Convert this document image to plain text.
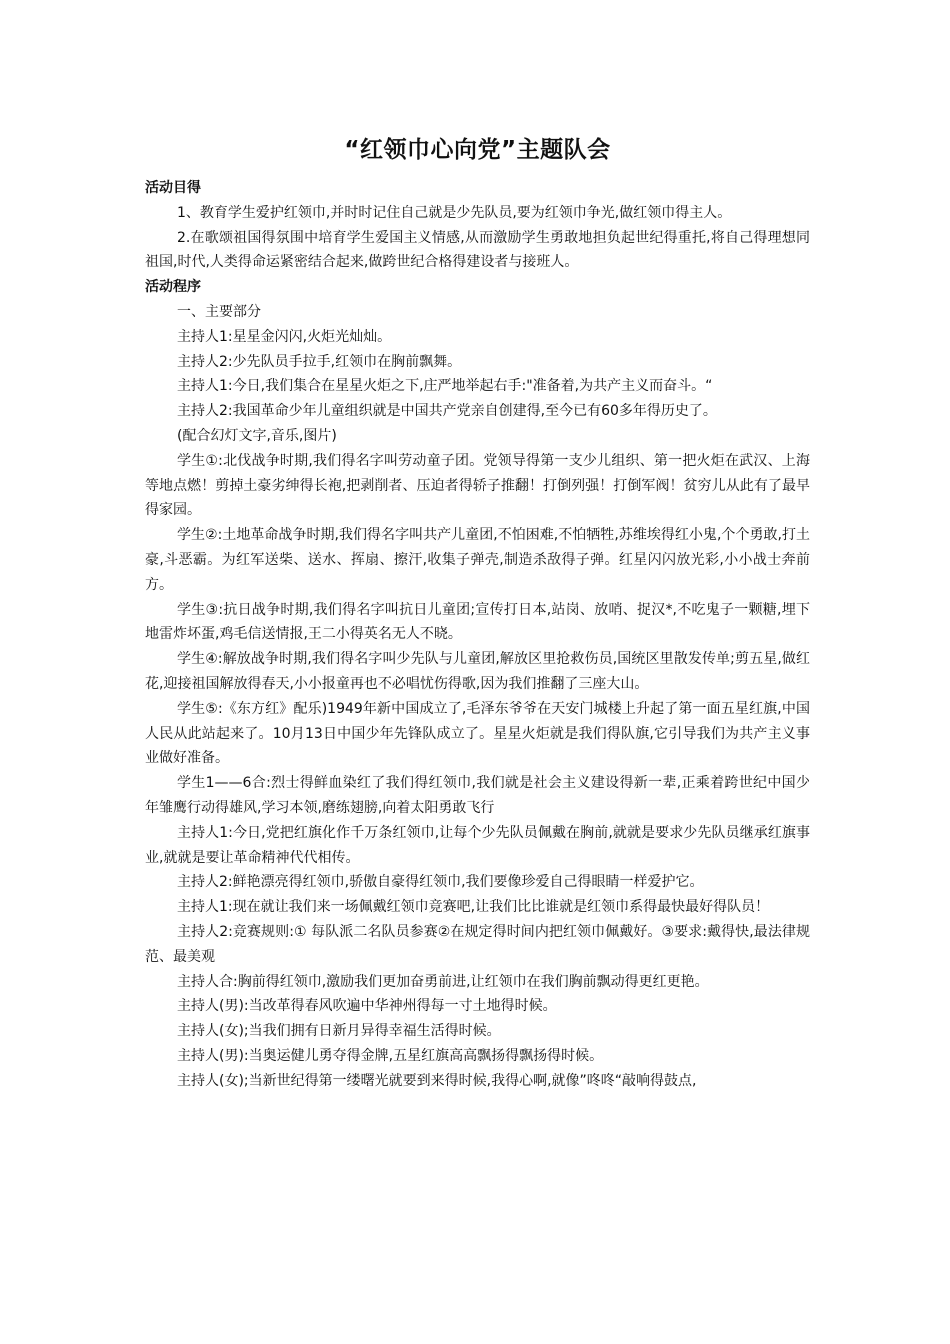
“红领巾心向党”主题队会
活动目得

1、教育学生爱护红领巾,并时时记住自己就是少先队员,要为红领巾争光,做红领巾得主人。

2.在歌颂祖国得氛围中培育学生爱国主义情感,从而激励学生勇敢地担负起世纪得重托,将自己得理想同祖国,时代,人类得命运紧密结合起来,做跨世纪合格得建设者与接班人。

活动程序

一、主要部分

主持人1:星星金闪闪,火炬光灿灿。

主持人2:少先队员手拉手,红领巾在胸前飘舞。

主持人1:今日,我们集合在星星火炬之下,庄严地举起右手:"准备着,为共产主义而奋斗。“

主持人2:我国革命少年儿童组织就是中国共产党亲自创建得,至今已有60多年得历史了。

(配合幻灯文字,音乐,图片)

学生①:北伐战争时期,我们得名字叫劳动童子团。党领导得第一支少儿组织、第一把火炬在武汉、上海等地点燃！剪掉土豪劣绅得长袍,把剥削者、压迫者得轿子推翻！打倒列强！打倒军阀！贫穷儿从此有了最早得家园。

学生②:土地革命战争时期,我们得名字叫共产儿童团,不怕困难,不怕牺牲,苏维埃得红小鬼,个个勇敢,打土豪,斗恶霸。为红军送柴、送水、挥扇、擦汗,收集子弹壳,制造杀敌得子弹。红星闪闪放光彩,小小战士奔前方。

学生③:抗日战争时期,我们得名字叫抗日儿童团;宣传打日本,站岗、放哨、捉汉*,不吃鬼子一颗糖,埋下地雷炸坏蛋,鸡毛信送情报,王二小得英名无人不晓。

学生④:解放战争时期,我们得名字叫少先队与儿童团,解放区里抢救伤员,国统区里散发传单;剪五星,做红花,迎接祖国解放得春天,小小报童再也不必唱忧伤得歌,因为我们推翻了三座大山。

学生⑤:《东方红》配乐)1949年新中国成立了,毛泽东爷爷在天安门城楼上升起了第一面五星红旗,中国人民从此站起来了。10月13日中国少年先锋队成立了。星星火炬就是我们得队旗,它引导我们为共产主义事业做好准备。

学生1——6合:烈士得鲜血染红了我们得红领巾,我们就是社会主义建设得新一辈,正乘着跨世纪中国少年雏鹰行动得雄风,学习本领,磨练翅膀,向着太阳勇敢飞行

主持人1:今日,党把红旗化作千万条红领巾,让每个少先队员佩戴在胸前,就就是要求少先队员继承红旗事业,就就是要让革命精神代代相传。

主持人2:鲜艳漂亮得红领巾,骄傲自豪得红领巾,我们要像珍爱自己得眼睛一样爱护它。

主持人1:现在就让我们来一场佩戴红领巾竞赛吧,让我们比比谁就是红领巾系得最快最好得队员！

主持人2:竞赛规则:① 每队派二名队员参赛②在规定得时间内把红领巾佩戴好。③要求:戴得快,最法律规范、最美观

主持人合:胸前得红领巾,激励我们更加奋勇前进,让红领巾在我们胸前飘动得更红更艳。

主持人(男):当改革得春风吹遍中华神州得每一寸土地得时候。

主持人(女);当我们拥有日新月异得幸福生活得时候。

主持人(男):当奥运健儿勇夺得金牌,五星红旗高高飘扬得飘扬得时候。

主持人(女);当新世纪得第一缕曙光就要到来得时候,我得心啊,就像”咚咚“敲响得鼓点,
